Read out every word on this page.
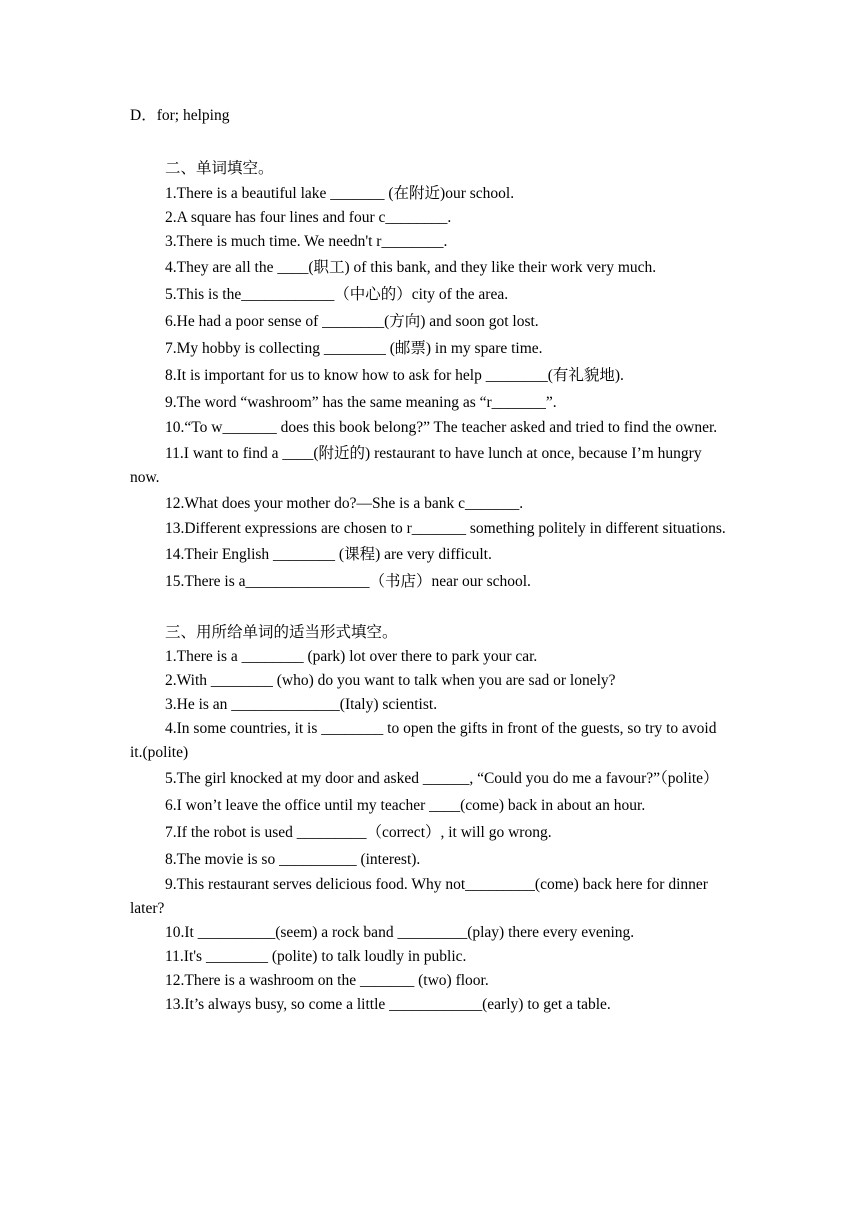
D．for; helping
二、单词填空。
1.There is a beautiful lake _______ (在附近)our school.
2.A square has four lines and four c________.
3.There is much time. We needn't r________.
4.They are all the ____(职工) of this bank, and they like their work very much.
5.This is the____________（中心的）city of the area.
6.He had a poor sense of ________(方向) and soon got lost.
7.My hobby is collecting ________ (邮票) in my spare time.
8.It is important for us to know how to ask for help ________(有礼貌地).
9.The word “washroom” has the same meaning as “r_______”.
10.“To w_______ does this book belong?” The teacher asked and tried to find the owner.
11.I want to find a ____(附近的) restaurant to have lunch at once, because I’m hungry now.
12.What does your mother do?—She is a bank c_______.
13.Different expressions are chosen to r_______ something politely in different situations.
14.Their English ________ (课程) are very difficult.
15.There is a________________（书店）near our school.
三、用所给单词的适当形式填空。
1.There is a ________ (park) lot over there to park your car.
2.With ________ (who) do you want to talk when you are sad or lonely?
3.He is an ______________(Italy) scientist.
4.In some countries, it is ________ to open the gifts in front of the guests, so try to avoid it.(polite)
5.The girl knocked at my door and asked ______, “Could you do me a favour?”（polite）
6.I won’t leave the office until my teacher ____(come) back in about an hour.
7.If the robot is used _________（correct）, it will go wrong.
8.The movie is so __________ (interest).
9.This restaurant serves delicious food. Why not_________(come) back here for dinner later?
10.It __________(seem) a rock band _________(play) there every evening.
11.It's ________ (polite) to talk loudly in public.
12.There is a washroom on the _______ (two) floor.
13.It’s always busy, so come a little ____________(early) to get a table.
